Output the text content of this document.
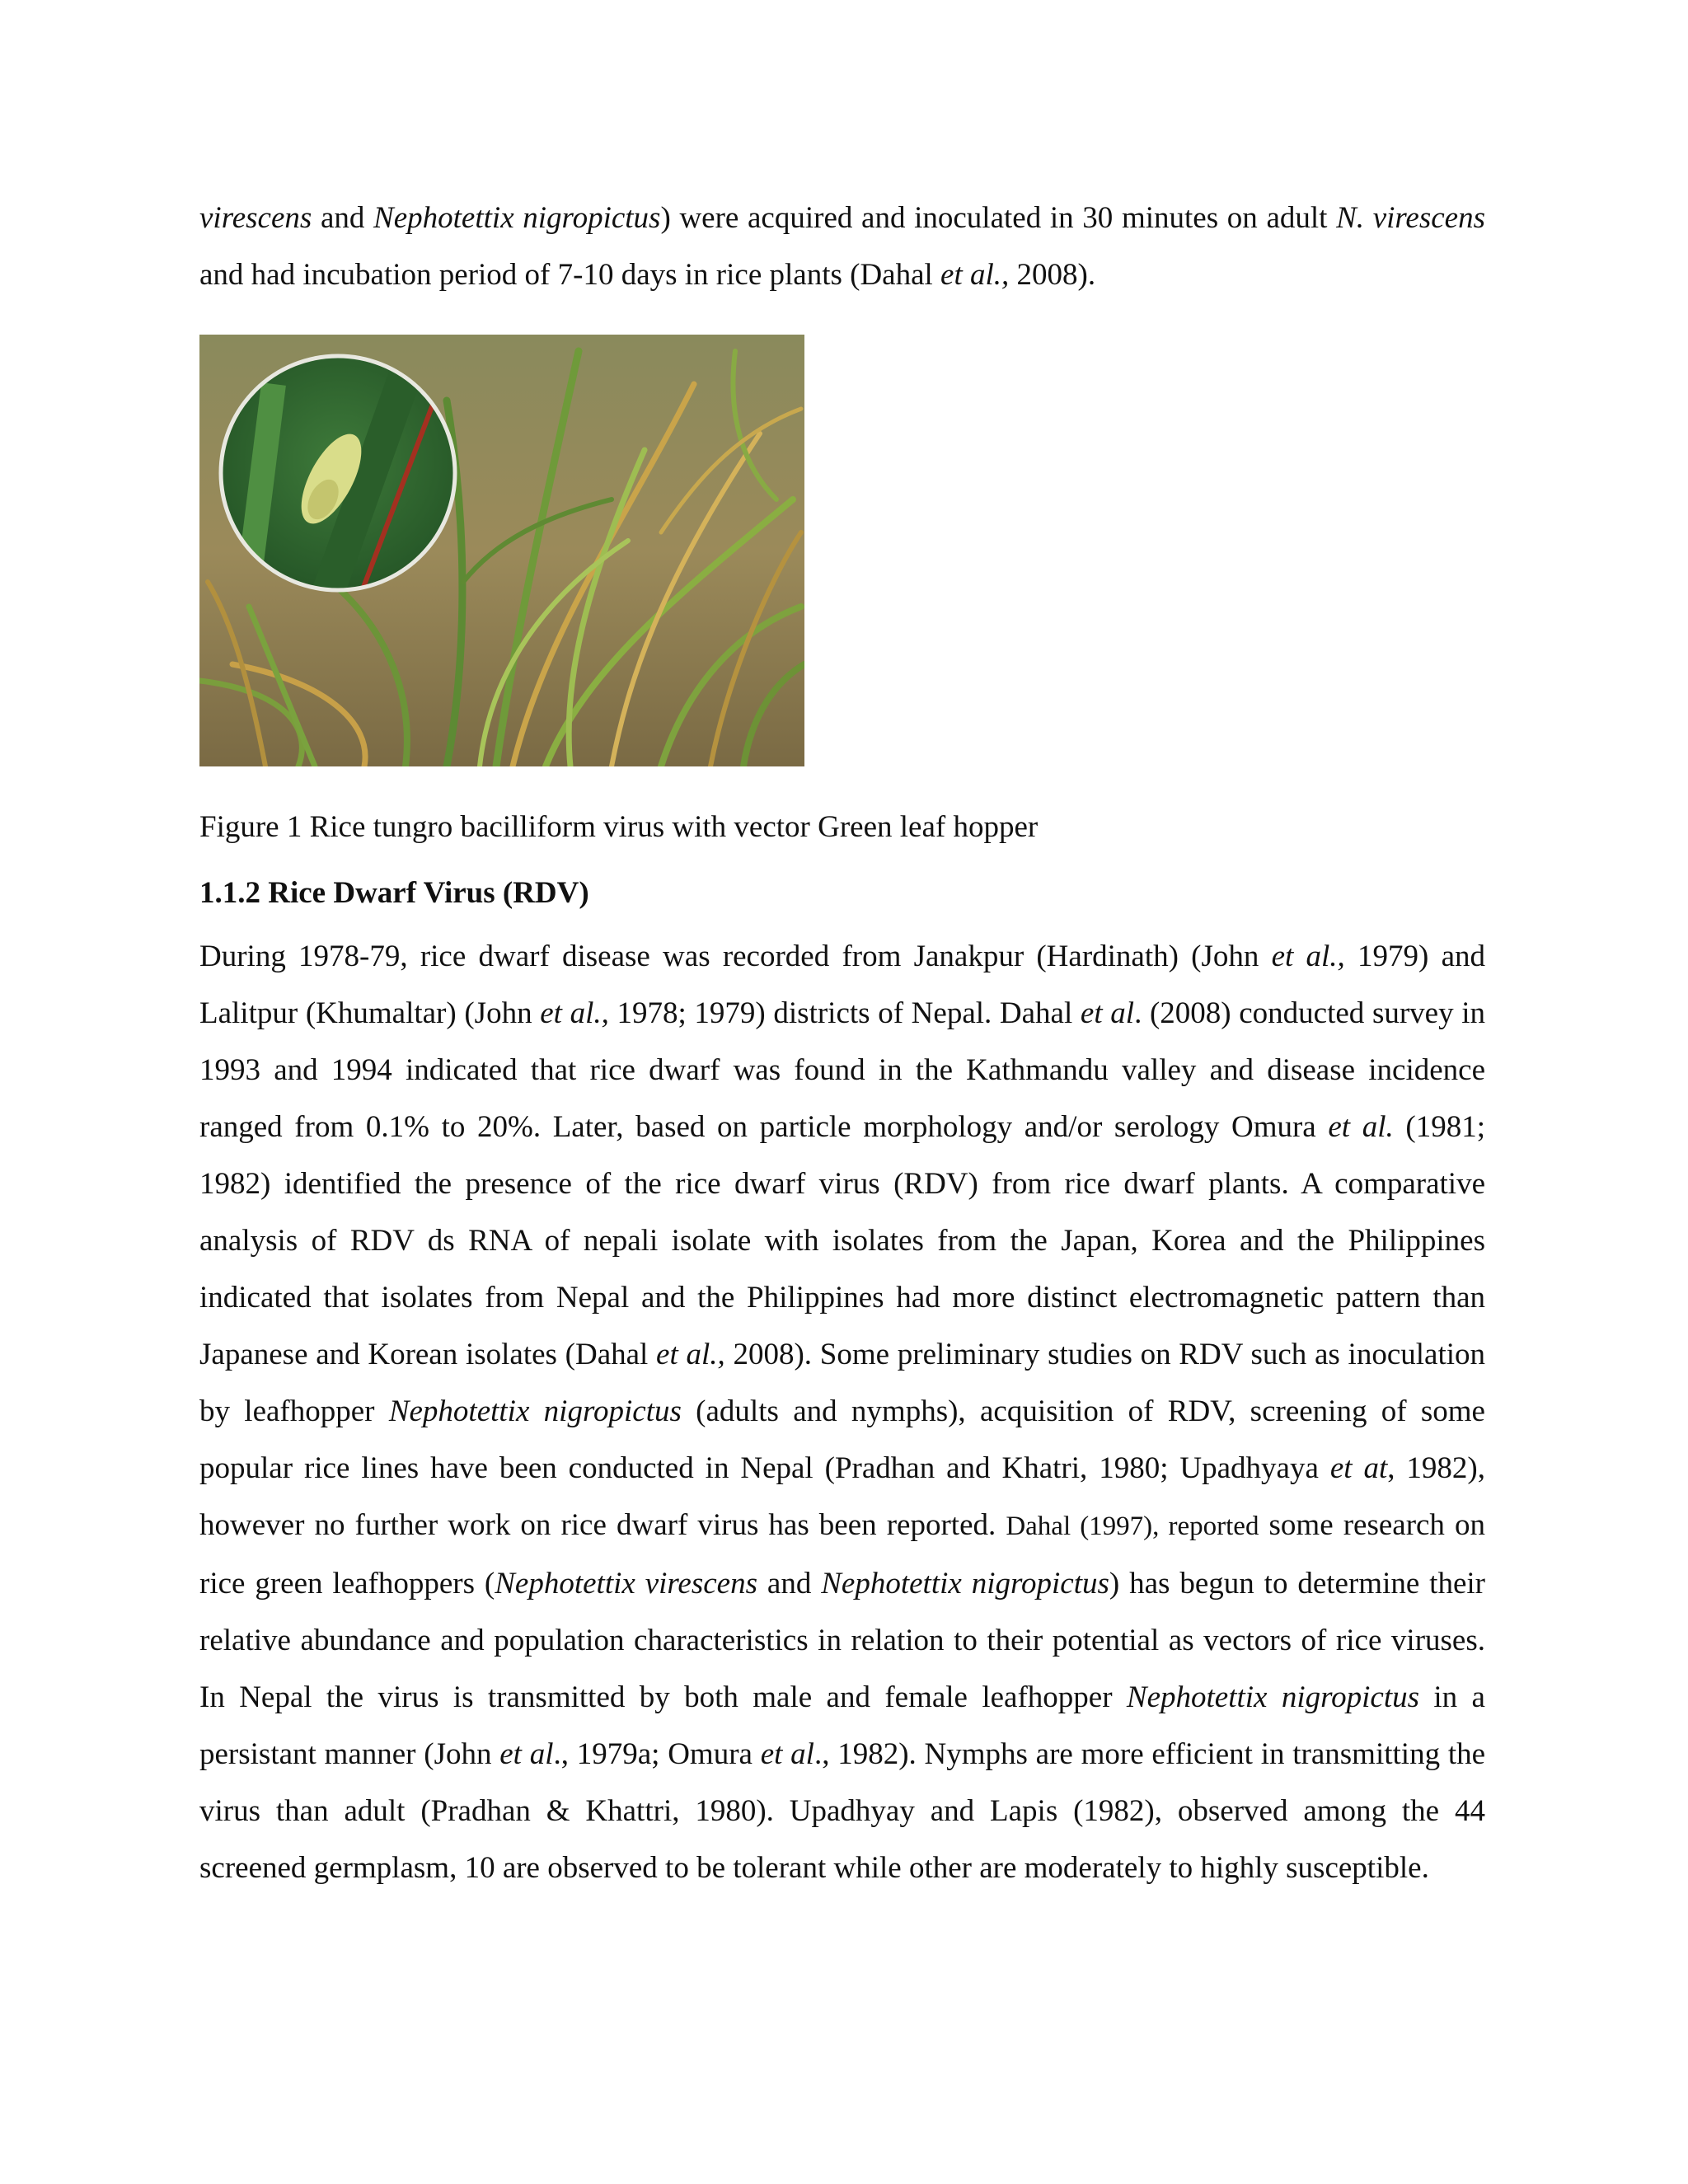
virescens and Nephotettix nigropictus) were acquired and inoculated in 30 minutes on adult N. virescens and had incubation period of 7-10 days in rice plants (Dahal et al., 2008).

Figure 1 Rice tungro bacilliform virus with vector Green leaf hopper
1.1.2 Rice Dwarf Virus (RDV)

During 1978-79, rice dwarf disease was recorded from Janakpur (Hardinath) (John et al., 1979) and Lalitpur (Khumaltar) (John et al., 1978; 1979) districts of Nepal. Dahal et al. (2008) conducted survey in 1993 and 1994 indicated that rice dwarf was found in the Kathmandu valley and disease incidence ranged from 0.1% to 20%. Later, based on particle morphology and/or serology Omura et al. (1981; 1982) identified the presence of the rice dwarf virus (RDV) from rice dwarf plants. A comparative analysis of RDV ds RNA of nepali isolate with isolates from the Japan, Korea and the Philippines indicated that isolates from Nepal and the Philippines had more distinct electromagnetic pattern than Japanese and Korean isolates (Dahal et al., 2008). Some preliminary studies on RDV such as inoculation by leafhopper Nephotettix nigropictus (adults and nymphs), acquisition of RDV, screening of some popular rice lines have been conducted in Nepal (Pradhan and Khatri, 1980; Upadhyaya et at, 1982), however no further work on rice dwarf virus has been reported. Dahal (1997), reported some research on rice green leafhoppers (Nephotettix virescens and Nephotettix nigropictus) has begun to determine their relative abundance and population characteristics in relation to their potential as vectors of rice viruses. In Nepal the virus is transmitted by both male and female leafhopper Nephotettix nigropictus in a persistant manner (John et al., 1979a; Omura et al., 1982). Nymphs are more efficient in transmitting the virus than adult (Pradhan & Khattri, 1980). Upadhyay and Lapis (1982), observed among the 44 screened germplasm, 10 are observed to be tolerant while other are moderately to highly susceptible.
